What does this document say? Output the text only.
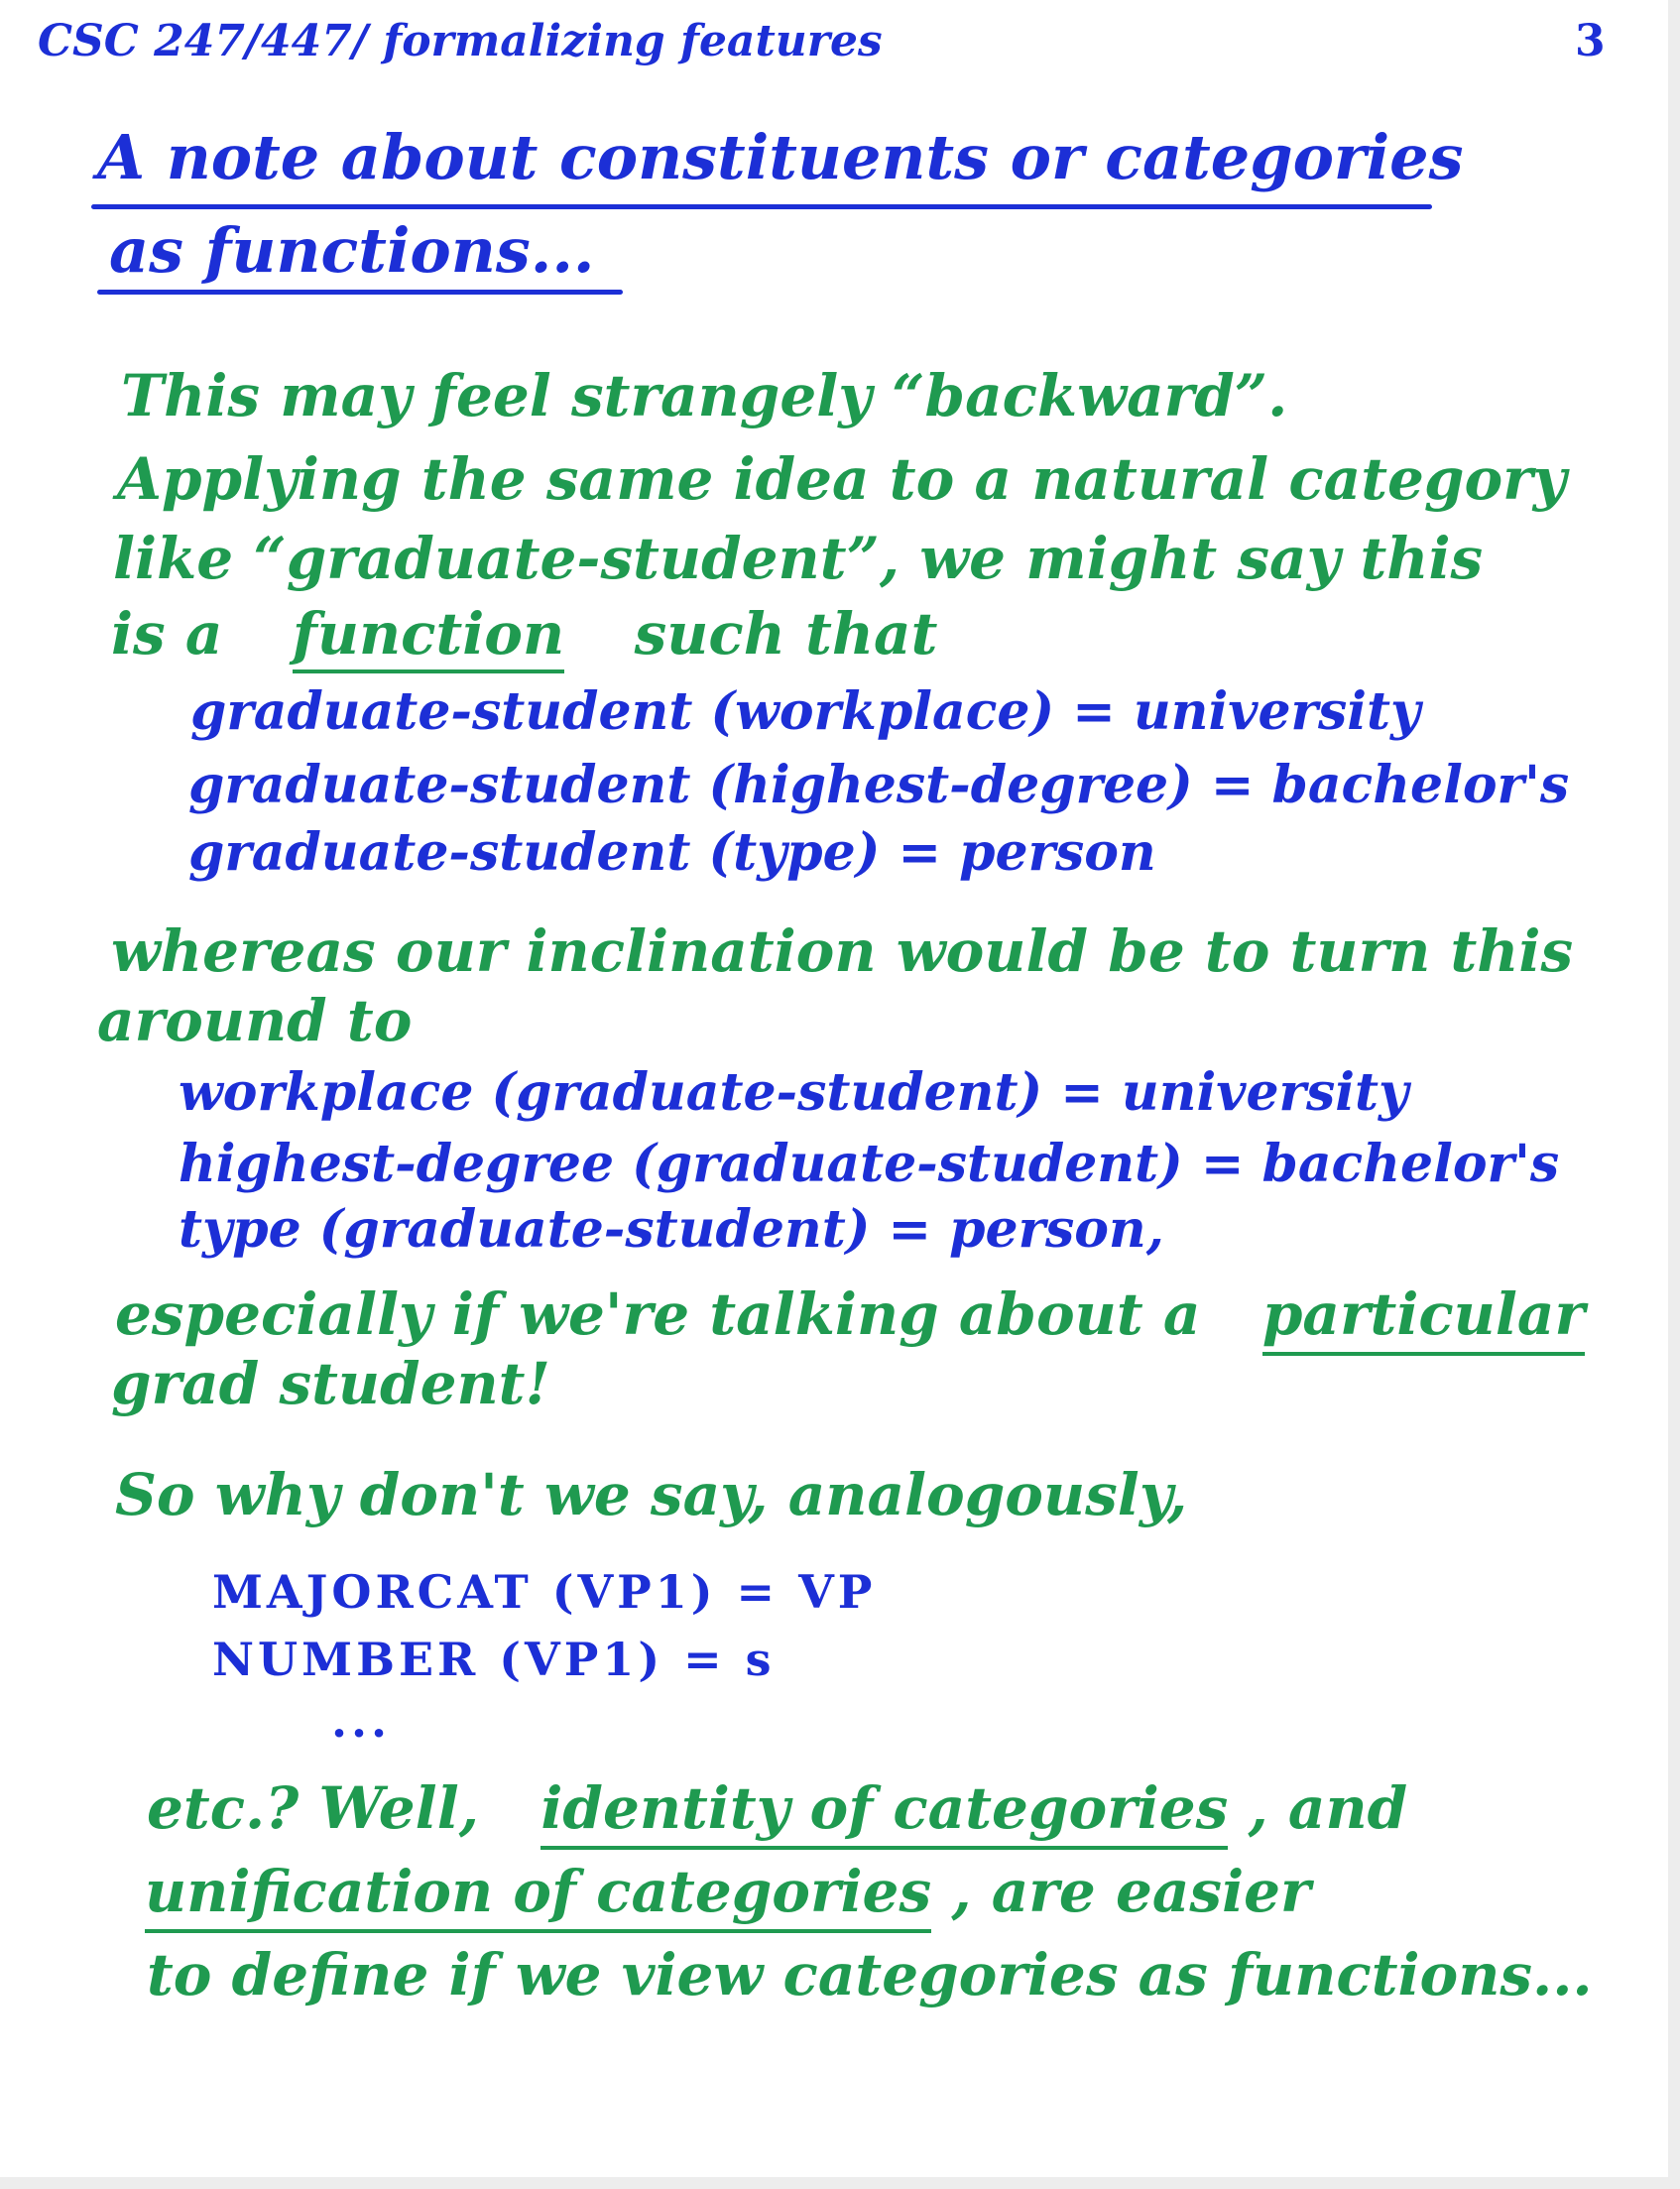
CSC 247/447/ formalizing features	3
A note about constituents or categories
as functions...
This may feel strangely “backward”.
Applying the same idea to a natural category
like “graduate-student”, we might say this
is a function such that
graduate-student (workplace) = university
graduate-student (highest-degree) = bachelor's
graduate-student (type) = person
whereas our inclination would be to turn this
around to
workplace (graduate-student) = university
highest-degree (graduate-student) = bachelor's
type (graduate-student) = person,
especially if we're talking about a particular
grad student!
So why don't we say, analogously,
MAJORCAT (VP1) = VP
NUMBER (VP1) = s
...
etc.? Well, identity of categories , and
unification of categories , are easier
to define if we view categories as functions...
